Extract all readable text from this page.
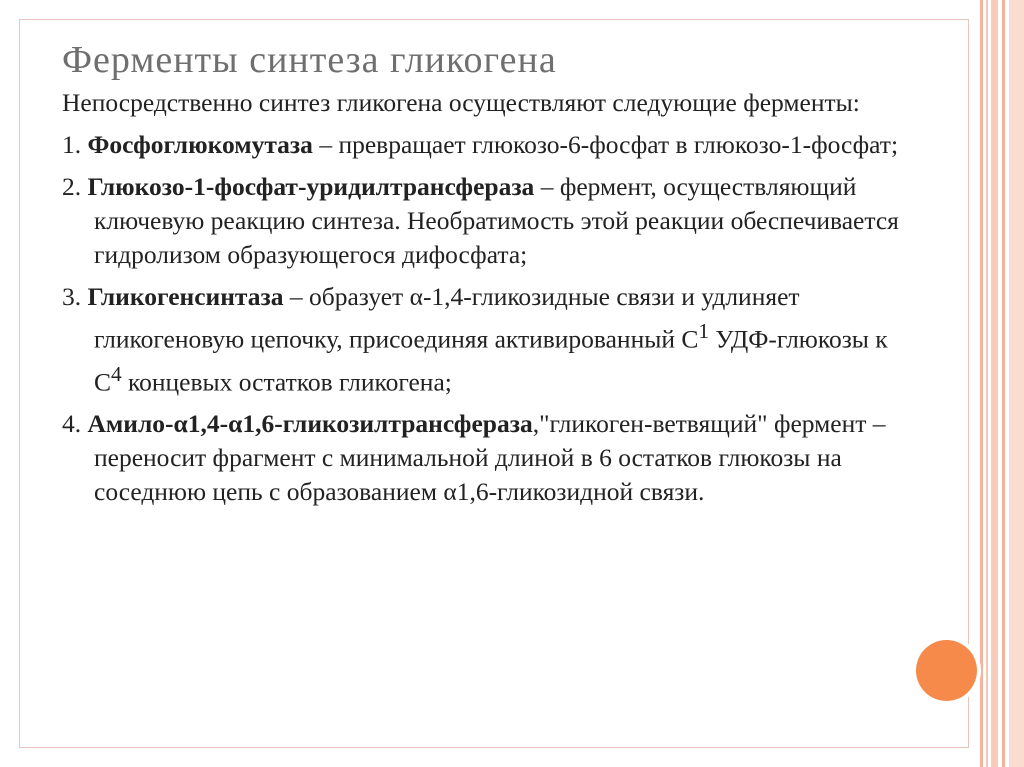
Ферменты синтеза гликогена

Непосредственно синтез гликогена осуществляют следующие ферменты:

1. Фосфоглюкомутаза – превращает глюкозо-6-фосфат в глюкозо-1-фосфат;

2. Глюкозо-1-фосфат-уридилтрансфераза – фермент, осуществляющий ключевую реакцию синтеза. Необратимость этой реакции обеспечивается гидролизом образующегося дифосфата;

3. Гликогенсинтаза – образует α-1,4-гликозидные связи и удлиняет гликогеновую цепочку, присоединяя активированный $С^1$ УДФ-глюкозы к $С^4$ концевых остатков гликогена;

4. Амило-α1,4-α1,6-гликозилтрансфераза,"гликоген-ветвящий" фермент – переносит фрагмент с минимальной длиной в 6 остатков глюкозы на соседнюю цепь с образованием α1,6-гликозидной связи.
